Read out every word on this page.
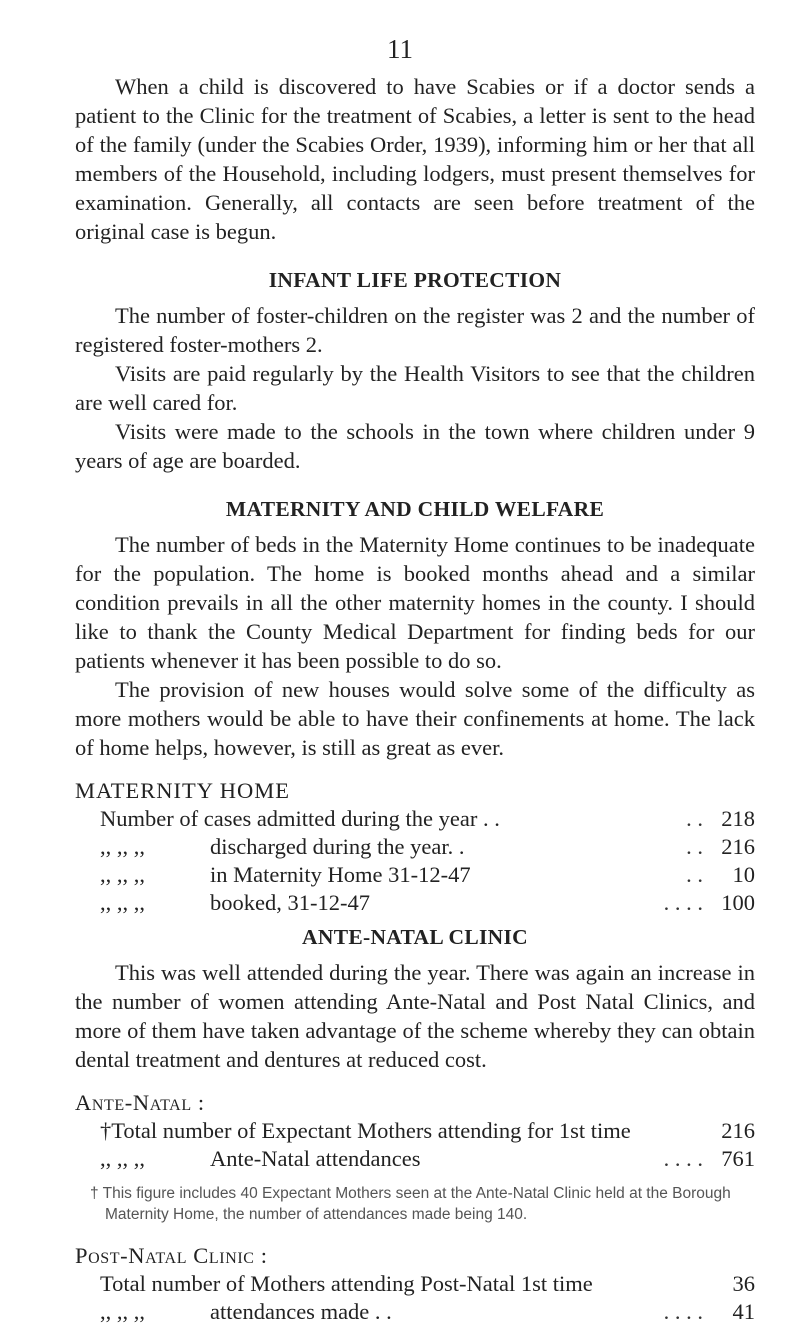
11

When a child is discovered to have Scabies or if a doctor sends a patient to the Clinic for the treatment of Scabies, a letter is sent to the head of the family (under the Scabies Order, 1939), informing him or her that all members of the Household, including lodgers, must present themselves for examination. Generally, all contacts are seen before treatment of the original case is begun.

INFANT LIFE PROTECTION

The number of foster-children on the register was 2 and the number of registered foster-mothers 2.

Visits are paid regularly by the Health Visitors to see that the children are well cared for.

Visits were made to the schools in the town where children under 9 years of age are boarded.

MATERNITY AND CHILD WELFARE

The number of beds in the Maternity Home continues to be inadequate for the population. The home is booked months ahead and a similar condition prevails in all the other maternity homes in the county. I should like to thank the County Medical Department for finding beds for our patients whenever it has been possible to do so.

The provision of new houses would solve some of the difficulty as more mothers would be able to have their confinements at home. The lack of home helps, however, is still as great as ever.

MATERNITY HOME
Number of cases admitted during the year . .	. . 218
,, ,, ,,	discharged during the year. .	. . 216
,, ,, ,,	in Maternity Home 31-12-47	. .	10
,, ,, ,,	booked, 31-12-47	. . . . 100
ANTE-NATAL CLINIC

This was well attended during the year. There was again an increase in the number of women attending Ante-Natal and Post Natal Clinics, and more of them have taken advantage of the scheme whereby they can obtain dental treatment and dentures at reduced cost.

Ante-Natal :
†Total number of Expectant Mothers attending for 1st time	216
,, ,, ,,	Ante-Natal attendances	. . . . 761
† This figure includes 40 Expectant Mothers seen at the Ante-Natal Clinic held at the Borough Maternity Home, the number of attendances made being 140.
Post-Natal Clinic :
Total number of Mothers attending Post-Natal 1st time	36
,, ,, ,,	attendances made . .	. . . .	41
